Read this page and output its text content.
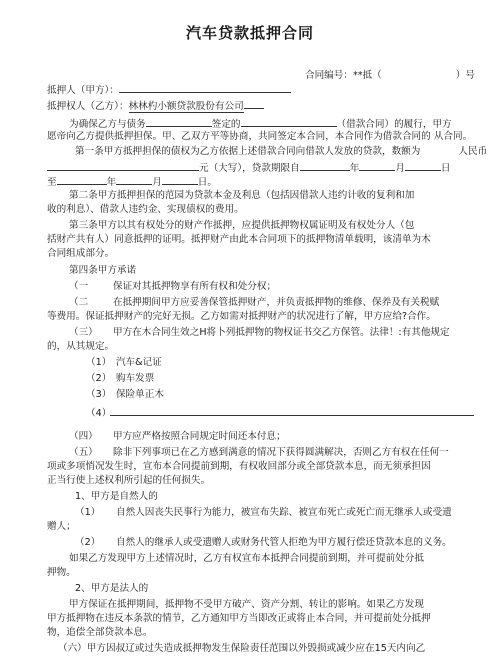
汽车贷款抵押合同
合同编号：**抵（	）号
抵押人（甲方）：
抵押权人（乙方）：林林杓小额贷款股份有公司
为确保乙方与债务	签定的	（借款合同）的履行，甲方
愿帝向乙方提供抵押担保。甲、乙双方平等协商，共同签定本合同，本合同作为借款合同的 从合同。
第一条甲方抵押担保的债权为乙方依据上述借款合同向借款人发放的贷款，数额为	人民币
元（大写），贷款期限自	年	月	日
至	年	月	日。
第二条甲方抵押担保的范园为贷款本金及利息（包括因借款人违约计收的复利和加
收的利息）、借款人违约金、实现债权的费用。
第三条甲方以其有权处分的财产作抵押，应提供抵押物权属证明及有权处分人（包
括财产共有人）同意抵押的证明。抵押财产由此本合同项下的抵押物清单载明，该清单为木
合同组成部分。
第四条甲方承诺
（一	保证对其抵押物享有所有权和处分权；
（二	在抵押期间甲方应妥善保管抵押财产，并负责抵押物的维修、保养及有关税赋
等费用。保证抵押财产的完好无损。乙方如需对抵押财产的状况进行了解，甲方应给?合作。
（三） 甲方在木合同生效之H将卜列抵押物的物权证书交乙方保管。法律！:有其他规定
的，从其规定。
（1） 汽车&记证
（2） 购车发票
（3） 保险单正木
（4）
（四） 甲方应严格按照合同规定时间还本付息；
（五） 除非下列事项已在乙方感到满意的情况下获得圆满解决，否则乙方有权在任何一
项或多项悄况发生时，宣布本合同提前到期，有权收回部分或全部贷款本息，而无须承担因
正当行使上述权利所引起的任何损失。
1、甲方是自然人的
（1） 自然人因丧失民事行为能力，被宣布失踪、被宣布死亡或死亡而无继承人或受遗
赠人；
（2） 自然人的继承人或受遗赠人或财务代管人拒绝为甲方履行偿还贷款本息的义务。
如果乙方发现甲方上述情况时，乙方有权宣布本抵押合同提前到期，并可提前处分抵
押物。
2、甲方是法人的
甲方保证在抵押期间，抵押物不受甲方破产、资产分割、转让的影响。如果乙方发现
甲方抵押物在违反本条款的情节，乙方通知甲方当即改正或将止本合同，并可提前处分抵押
物，追偿全部贷款本息。
（六）甲方因叔辽或过失造成抵押物发生保险责任范围以外毁损或减少应在15天内向乙
